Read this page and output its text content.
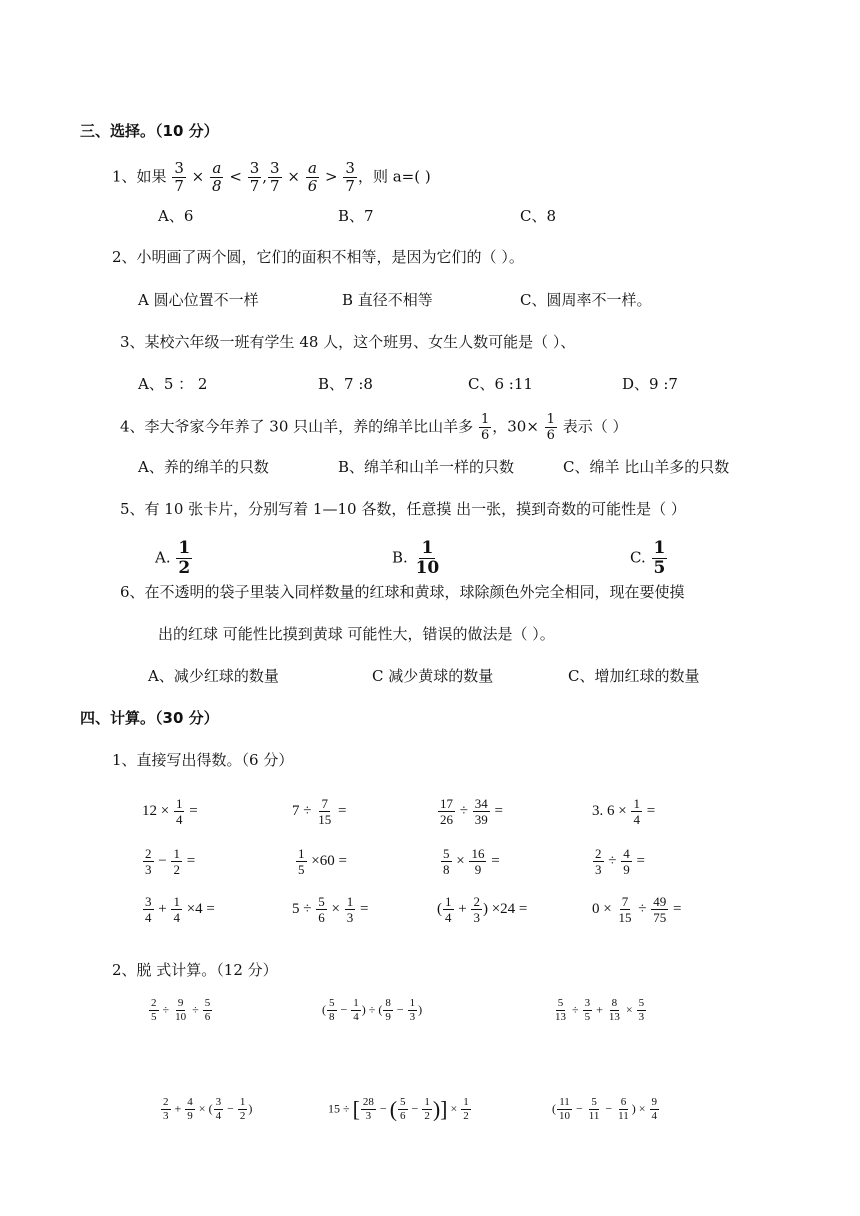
三、选择。（10 分）
1、如果 $\frac{3}{7} \times \frac{a}{8} < \frac{3}{7}$ , $\frac{3}{7} \times \frac{a}{6} > \frac{3}{7}$ ，则 a=( )
A、6	B、7	C、8
2、小明画了两个圆，它们的面积不相等，是因为它们的（ ）。
A 圆心位置不一样	B 直径不相等	C、圆周率不一样。
3、某校六年级一班有学生 48 人，这个班男、女生人数可能是（ ）、
A、5 ： 2	B、7 :8	C、6 :11	D、9 :7
4、李大爷家今年养了 30 只山羊，养的绵羊比山羊多 $\frac{1}{6}$ ，$30\times \frac{1}{6}$ 表示（ ）
A、养的绵羊的只数	B、绵羊和山羊一样的只数	C、绵羊 比山羊多的只数
5、有 10 张卡片，分别写着 1—10 各数，任意摸 出一张，摸到奇数的可能性是（ ）
A. $\frac{1}{2}$	B. $\frac{1}{10}$	C. $\frac{1}{5}$
6、在不透明的袋子里装入同样数量的红球和黄球，球除颜色外完全相同，现在要使摸
出的红球 可能性比摸到黄球 可能性大，错误的做法是（ ）。
A、减少红球的数量	C 减少黄球的数量	C、增加红球的数量
四、计算。（30 分）
1、直接写出得数。（6 分）
$12 \times \frac{1}{4}$ =	$7 \div \frac{7}{15}$ =	$\frac{17}{26} \div \frac{34}{39}$ =	3. $6 \times \frac{1}{4}$ =
$\frac{2}{3} - \frac{1}{2}$ =	$\frac{1}{5} \times 60$ =	$\frac{5}{8} \times \frac{16}{9}$ =	$\frac{2}{3} \div \frac{4}{9}$ =
$\frac{3}{4} + \frac{1}{4} \times 4$ =	$5 \div \frac{5}{6} \times \frac{1}{3}$ =	( $\frac{1}{4} + \frac{2}{3}$ ) ×24 =	$0 \times \frac{7}{15} \div \frac{49}{75}$ =
2、脱 式计算。（12 分）
$\frac{2}{5} \div \frac{9}{10} \div \frac{5}{6}$	( $\frac{5}{8} - \frac{1}{4}$ ) ÷ ( $\frac{8}{9} - \frac{1}{3}$ )	$\frac{5}{13} \div \frac{3}{5} + \frac{8}{13} \times \frac{5}{3}$
$\frac{2}{3} + \frac{4}{9}$ × ( $\frac{3}{4} - \frac{1}{2}$ )	15 ÷ [ $\frac{28}{3}$ − ( $\frac{5}{6} - \frac{1}{2}$ )] × $\frac{1}{2}$	( $\frac{11}{10} - \frac{5}{11} - \frac{6}{11}$ ) × $\frac{9}{4}$
